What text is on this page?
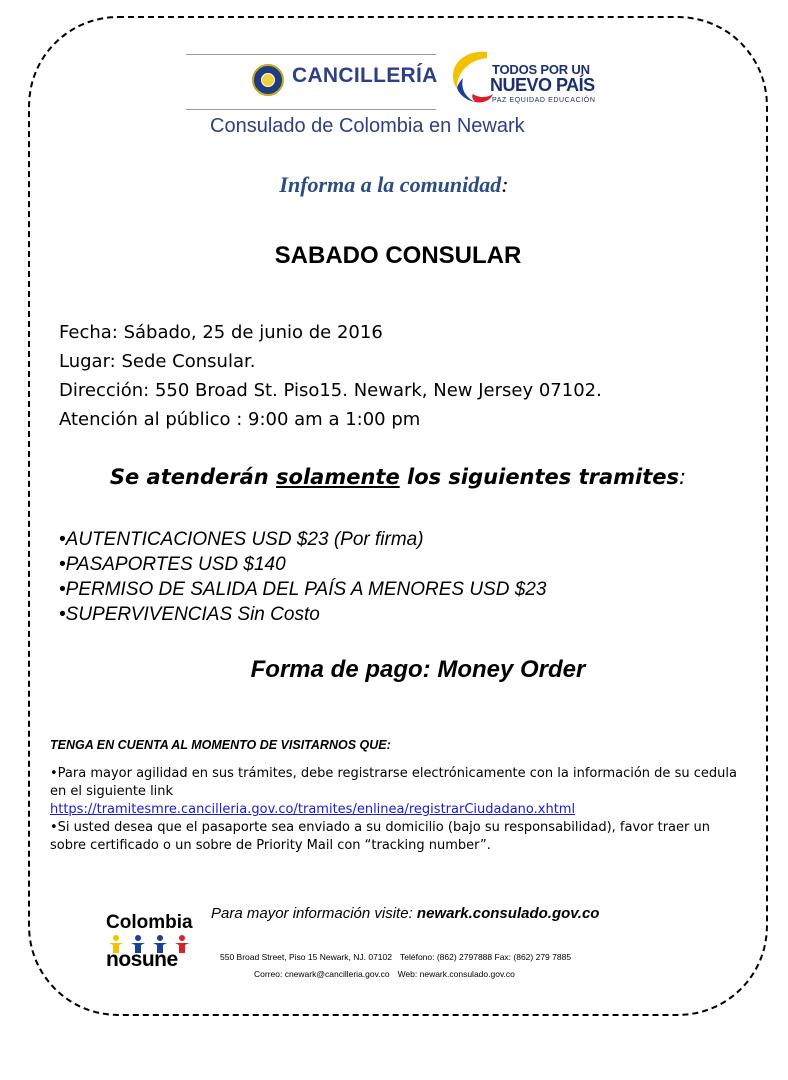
CANCILLERÍA	TODOS POR UN
NUEVO PAÍS
PAZ EQUIDAD EDUCACIÓN
Consulado de Colombia en Newark
Informa a la comunidad:
SABADO CONSULAR
Fecha: Sábado, 25 de junio de 2016
Lugar: Sede Consular.
Dirección: 550 Broad St. Piso15. Newark, New Jersey 07102.
Atención al público : 9:00 am a 1:00 pm
Se atenderán solamente los siguientes tramites:
•AUTENTICACIONES USD $23 (Por firma)
•PASAPORTES USD $140
•PERMISO DE SALIDA DEL PAÍS A MENORES USD $23
•SUPERVIVENCIAS Sin Costo
Forma de pago: Money Order
TENGA EN CUENTA AL MOMENTO DE VISITARNOS QUE:

•Para mayor agilidad en sus trámites, debe registrarse electrónicamente con la información de su cedula en el siguiente link

https://tramitesmre.cancilleria.gov.co/tramites/enlinea/registrarCiudadano.xhtml

•Si usted desea que el pasaporte sea enviado a su domicilio (bajo su responsabilidad), favor traer un sobre certificado o un sobre de Priority Mail con “tracking number”.

Para mayor información visite: newark.consulado.gov.co
Colombia
nosune	550 Broad Street, Piso 15 Newark, NJ. 07102 Teléfono: (862) 2797888 Fax: (862) 279 7885
Correo: cnewark@cancilleria.gov.co Web: newark.consulado.gov.co
